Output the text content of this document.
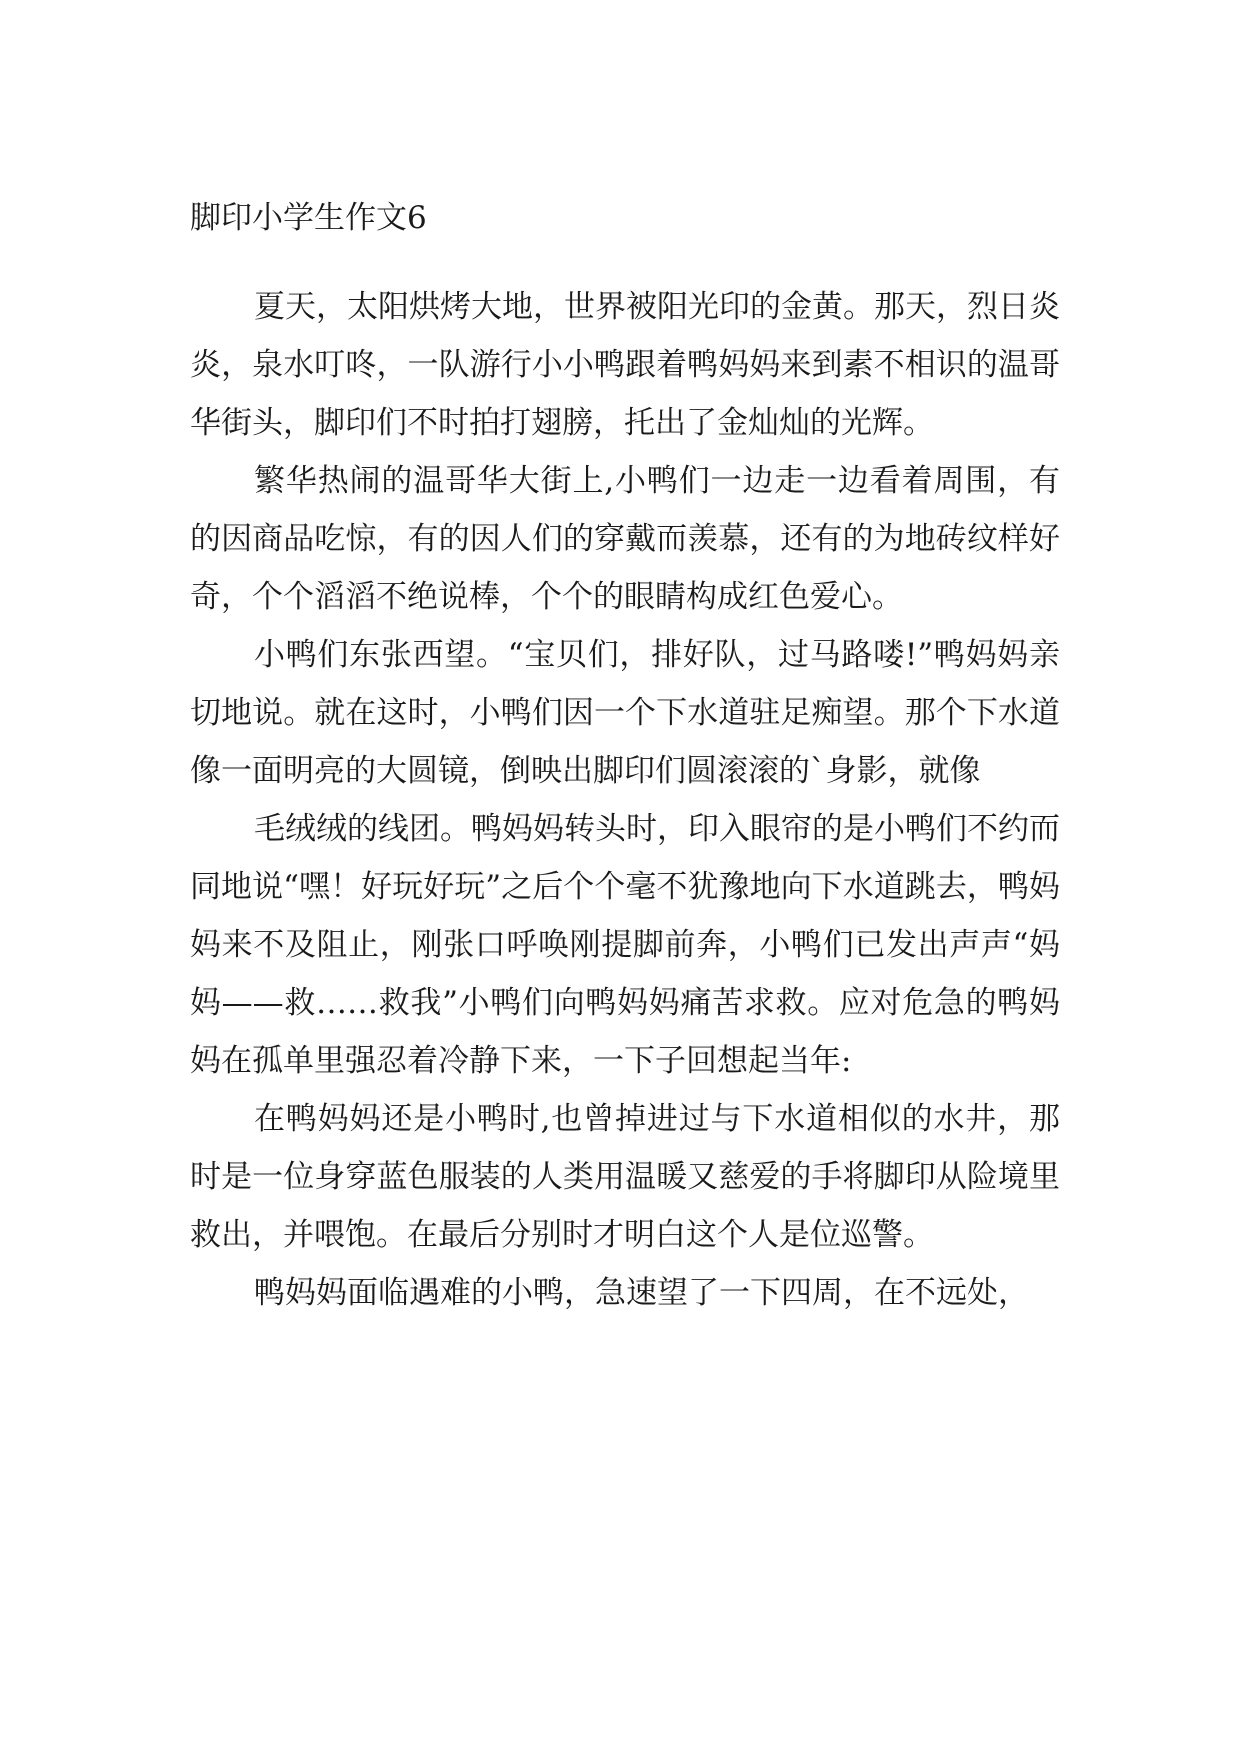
脚印小学生作文6

夏天，太阳烘烤大地，世界被阳光印的金黄。那天，烈日炎炎，泉水叮咚，一队游行小小鸭跟着鸭妈妈来到素不相识的温哥华街头，脚印们不时拍打翅膀，托出了金灿灿的光辉。

繁华热闹的温哥华大街上,小鸭们一边走一边看着周围，有的因商品吃惊，有的因人们的穿戴而羡慕，还有的为地砖纹样好奇，个个滔滔不绝说棒，个个的眼睛构成红色爱心。

小鸭们东张西望。“宝贝们，排好队，过马路喽!”鸭妈妈亲切地说。就在这时，小鸭们因一个下水道驻足痴望。那个下水道像一面明亮的大圆镜，倒映出脚印们圆滚滚的`身影，就像

毛绒绒的线团。鸭妈妈转头时，印入眼帘的是小鸭们不约而同地说“嘿！好玩好玩”之后个个毫不犹豫地向下水道跳去，鸭妈妈来不及阻止，刚张口呼唤刚提脚前奔，小鸭们已发出声声“妈妈——救……救我”小鸭们向鸭妈妈痛苦求救。应对危急的鸭妈妈在孤单里强忍着冷静下来，一下子回想起当年:

在鸭妈妈还是小鸭时,也曾掉进过与下水道相似的水井，那时是一位身穿蓝色服装的人类用温暖又慈爱的手将脚印从险境里救出，并喂饱。在最后分别时才明白这个人是位巡警。

鸭妈妈面临遇难的小鸭，急速望了一下四周，在不远处，
